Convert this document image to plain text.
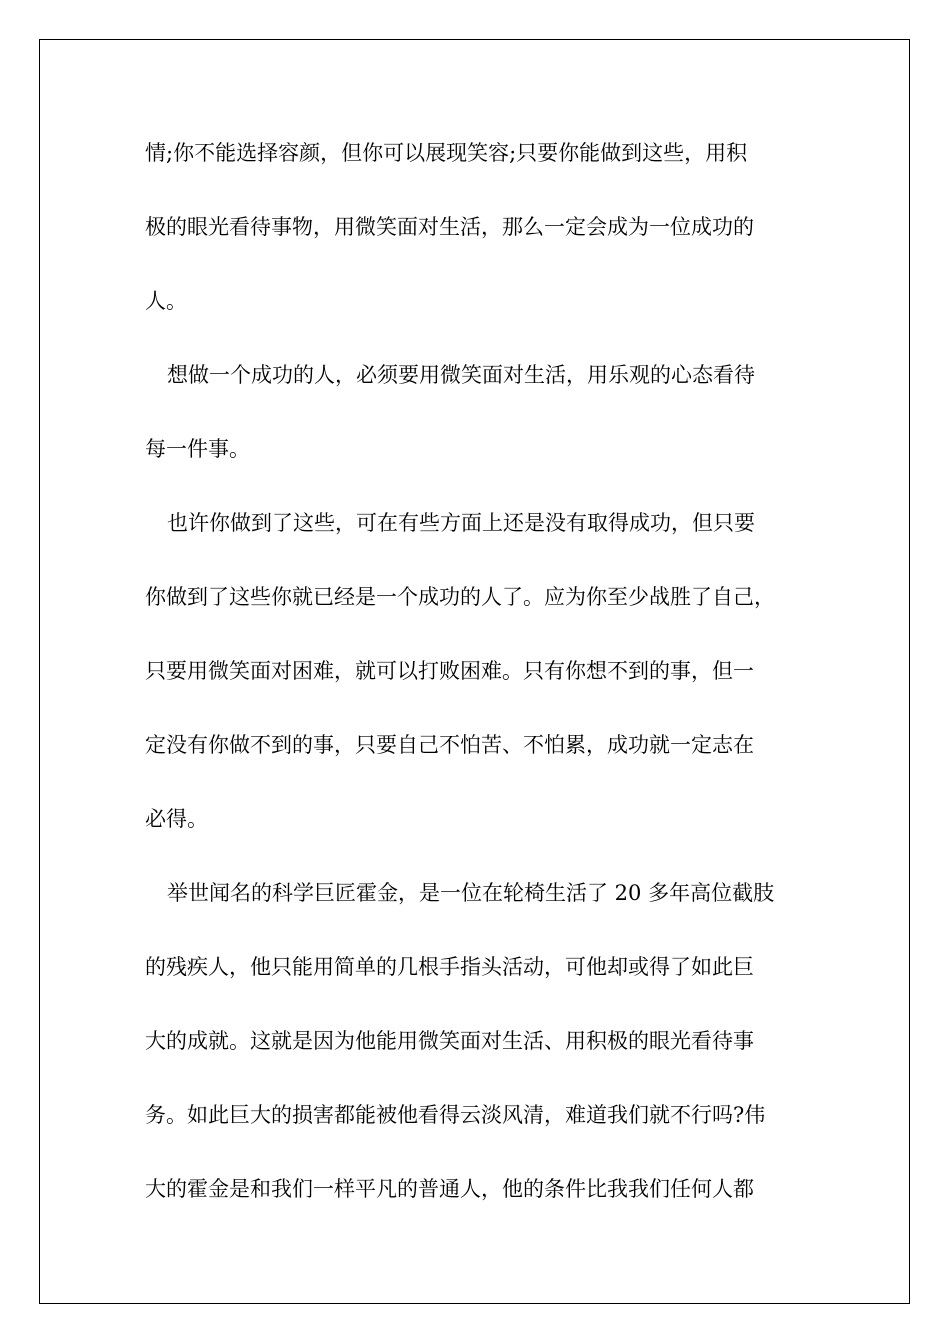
情;你不能选择容颜，但你可以展现笑容;只要你能做到这些，用积
极的眼光看待事物，用微笑面对生活，那么一定会成为一位成功的
人。
想做一个成功的人，必须要用微笑面对生活，用乐观的心态看待
每一件事。
也许你做到了这些，可在有些方面上还是没有取得成功，但只要
你做到了这些你就已经是一个成功的人了。应为你至少战胜了自己，
只要用微笑面对困难，就可以打败困难。只有你想不到的事，但一
定没有你做不到的事，只要自己不怕苦、不怕累，成功就一定志在
必得。
举世闻名的科学巨匠霍金，是一位在轮椅生活了 20 多年高位截肢
的残疾人，他只能用简单的几根手指头活动，可他却或得了如此巨
大的成就。这就是因为他能用微笑面对生活、用积极的眼光看待事
务。如此巨大的损害都能被他看得云淡风清，难道我们就不行吗?伟
大的霍金是和我们一样平凡的普通人，他的条件比我我们任何人都
